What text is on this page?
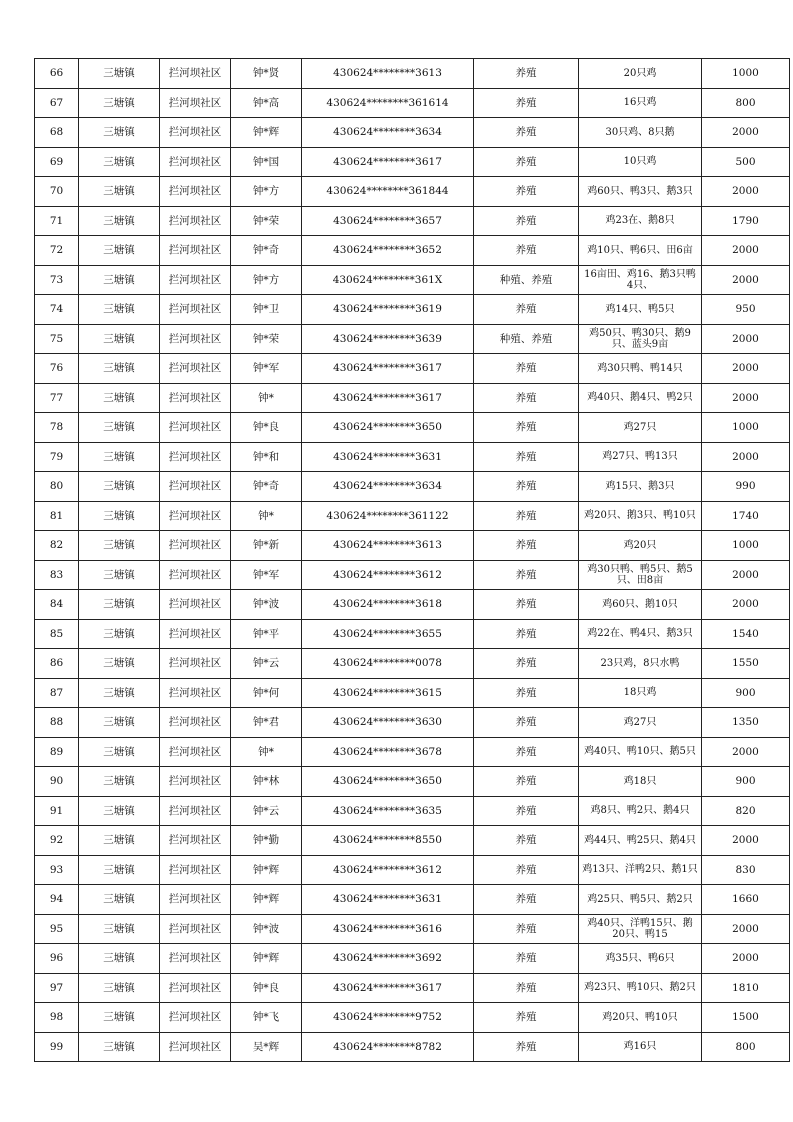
66	三塘镇	拦河坝社区	钟*贤	430624********3613	养殖	20只鸡	1000
67	三塘镇	拦河坝社区	钟*高	430624********361614	养殖	16只鸡	800
68	三塘镇	拦河坝社区	钟*辉	430624********3634	养殖	30只鸡、8只鹅	2000
69	三塘镇	拦河坝社区	钟*国	430624********3617	养殖	10只鸡	500
70	三塘镇	拦河坝社区	钟*方	430624********361844	养殖	鸡60只、鸭3只、鹅3只	2000
71	三塘镇	拦河坝社区	钟*荣	430624********3657	养殖	鸡23在、鹅8只	1790
72	三塘镇	拦河坝社区	钟*奇	430624********3652	养殖	鸡10只、鸭6只、田6亩	2000
73	三塘镇	拦河坝社区	钟*方	430624********361X	种殖、养殖	16亩田、鸡16、鹅3只鸭4只、	2000
74	三塘镇	拦河坝社区	钟*卫	430624********3619	养殖	鸡14只、鸭5只	950
75	三塘镇	拦河坝社区	钟*荣	430624********3639	种殖、养殖	鸡50只、鸭30只、鹅9只、蓝头9亩	2000
76	三塘镇	拦河坝社区	钟*军	430624********3617	养殖	鸡30只鸭、鸭14只	2000
77	三塘镇	拦河坝社区	钟*	430624********3617	养殖	鸡40只、鹅4只、鸭2只	2000
78	三塘镇	拦河坝社区	钟*良	430624********3650	养殖	鸡27只	1000
79	三塘镇	拦河坝社区	钟*和	430624********3631	养殖	鸡27只、鸭13只	2000
80	三塘镇	拦河坝社区	钟*奇	430624********3634	养殖	鸡15只、鹅3只	990
81	三塘镇	拦河坝社区	钟*	430624********361122	养殖	鸡20只、鹅3只、鸭10只	1740
82	三塘镇	拦河坝社区	钟*新	430624********3613	养殖	鸡20只	1000
83	三塘镇	拦河坝社区	钟*军	430624********3612	养殖	鸡30只鸭、鸭5只、鹅5只、田8亩	2000
84	三塘镇	拦河坝社区	钟*波	430624********3618	养殖	鸡60只、鹅10只	2000
85	三塘镇	拦河坝社区	钟*平	430624********3655	养殖	鸡22在、鸭4只、鹅3只	1540
86	三塘镇	拦河坝社区	钟*云	430624********0078	养殖	23只鸡，8只水鸭	1550
87	三塘镇	拦河坝社区	钟*何	430624********3615	养殖	18只鸡	900
88	三塘镇	拦河坝社区	钟*君	430624********3630	养殖	鸡27只	1350
89	三塘镇	拦河坝社区	钟*	430624********3678	养殖	鸡40只、鸭10只、鹅5只	2000
90	三塘镇	拦河坝社区	钟*林	430624********3650	养殖	鸡18只	900
91	三塘镇	拦河坝社区	钟*云	430624********3635	养殖	鸡8只、鸭2只、鹅4只	820
92	三塘镇	拦河坝社区	钟*勤	430624********8550	养殖	鸡44只、鸭25只、鹅4只	2000
93	三塘镇	拦河坝社区	钟*辉	430624********3612	养殖	鸡13只、洋鸭2只、鹅1只	830
94	三塘镇	拦河坝社区	钟*辉	430624********3631	养殖	鸡25只、鸭5只、鹅2只	1660
95	三塘镇	拦河坝社区	钟*波	430624********3616	养殖	鸡40只、洋鸭15只、鹅20只、鸭15	2000
96	三塘镇	拦河坝社区	钟*辉	430624********3692	养殖	鸡35只、鸭6只	2000
97	三塘镇	拦河坝社区	钟*良	430624********3617	养殖	鸡23只、鸭10只、鹅2只	1810
98	三塘镇	拦河坝社区	钟*飞	430624********9752	养殖	鸡20只、鸭10只	1500
99	三塘镇	拦河坝社区	吴*辉	430624********8782	养殖	鸡16只	800
